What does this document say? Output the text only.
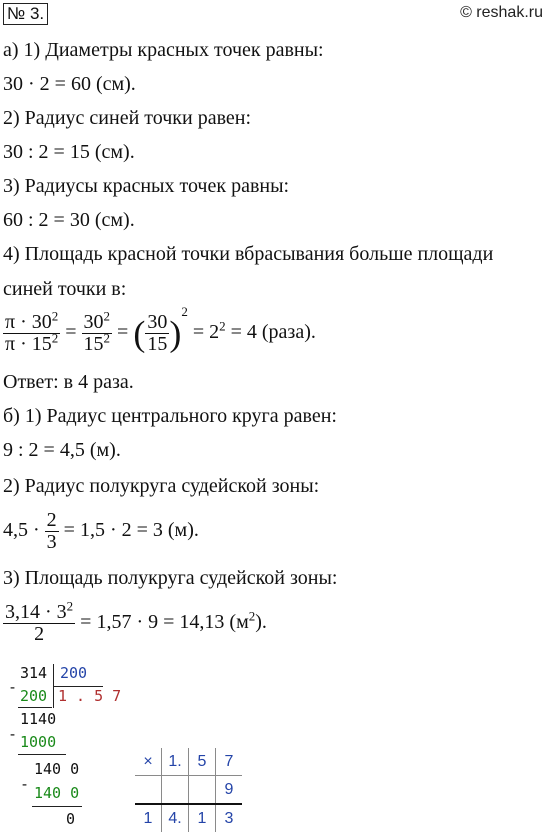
№ 3.	© reshak.ru
а) 1) Диаметры красных точек равны:
30 · 2 = 60 (см).
2) Радиус синей точки равен:
30 : 2 = 15 (см).
3) Радиусы красных точек равны:
60 : 2 = 30 (см).
4) Площадь красной точки вбрасывания больше площади
синей точки в:
$\frac{\pi \cdot 30^2}{\pi \cdot 15^2} = \frac{30^2}{15^2}$ = ( $\frac{30}{15} )^2 = 2^2 = 4$ (раза).
Ответ: в 4 раза.
б) 1) Радиус центрального круга равен:
9 : 2 = 4,5 (м).
2) Радиус полукруга судейской зоны:
$4,5 \cdot \frac{2}{3} = 1,5 \cdot 2 = 3$ (м).
3) Площадь полукруга судейской зоны:
$\frac{3,14 \cdot 3^2}{2} = 1,57 \cdot 9 = 14,13$ $(м^2)$.
314 200
- 200 1 . 5 7
1140
- 1000
140 0
- 140 0
0
×	1.	5	7
			9
1	4.	1	3
